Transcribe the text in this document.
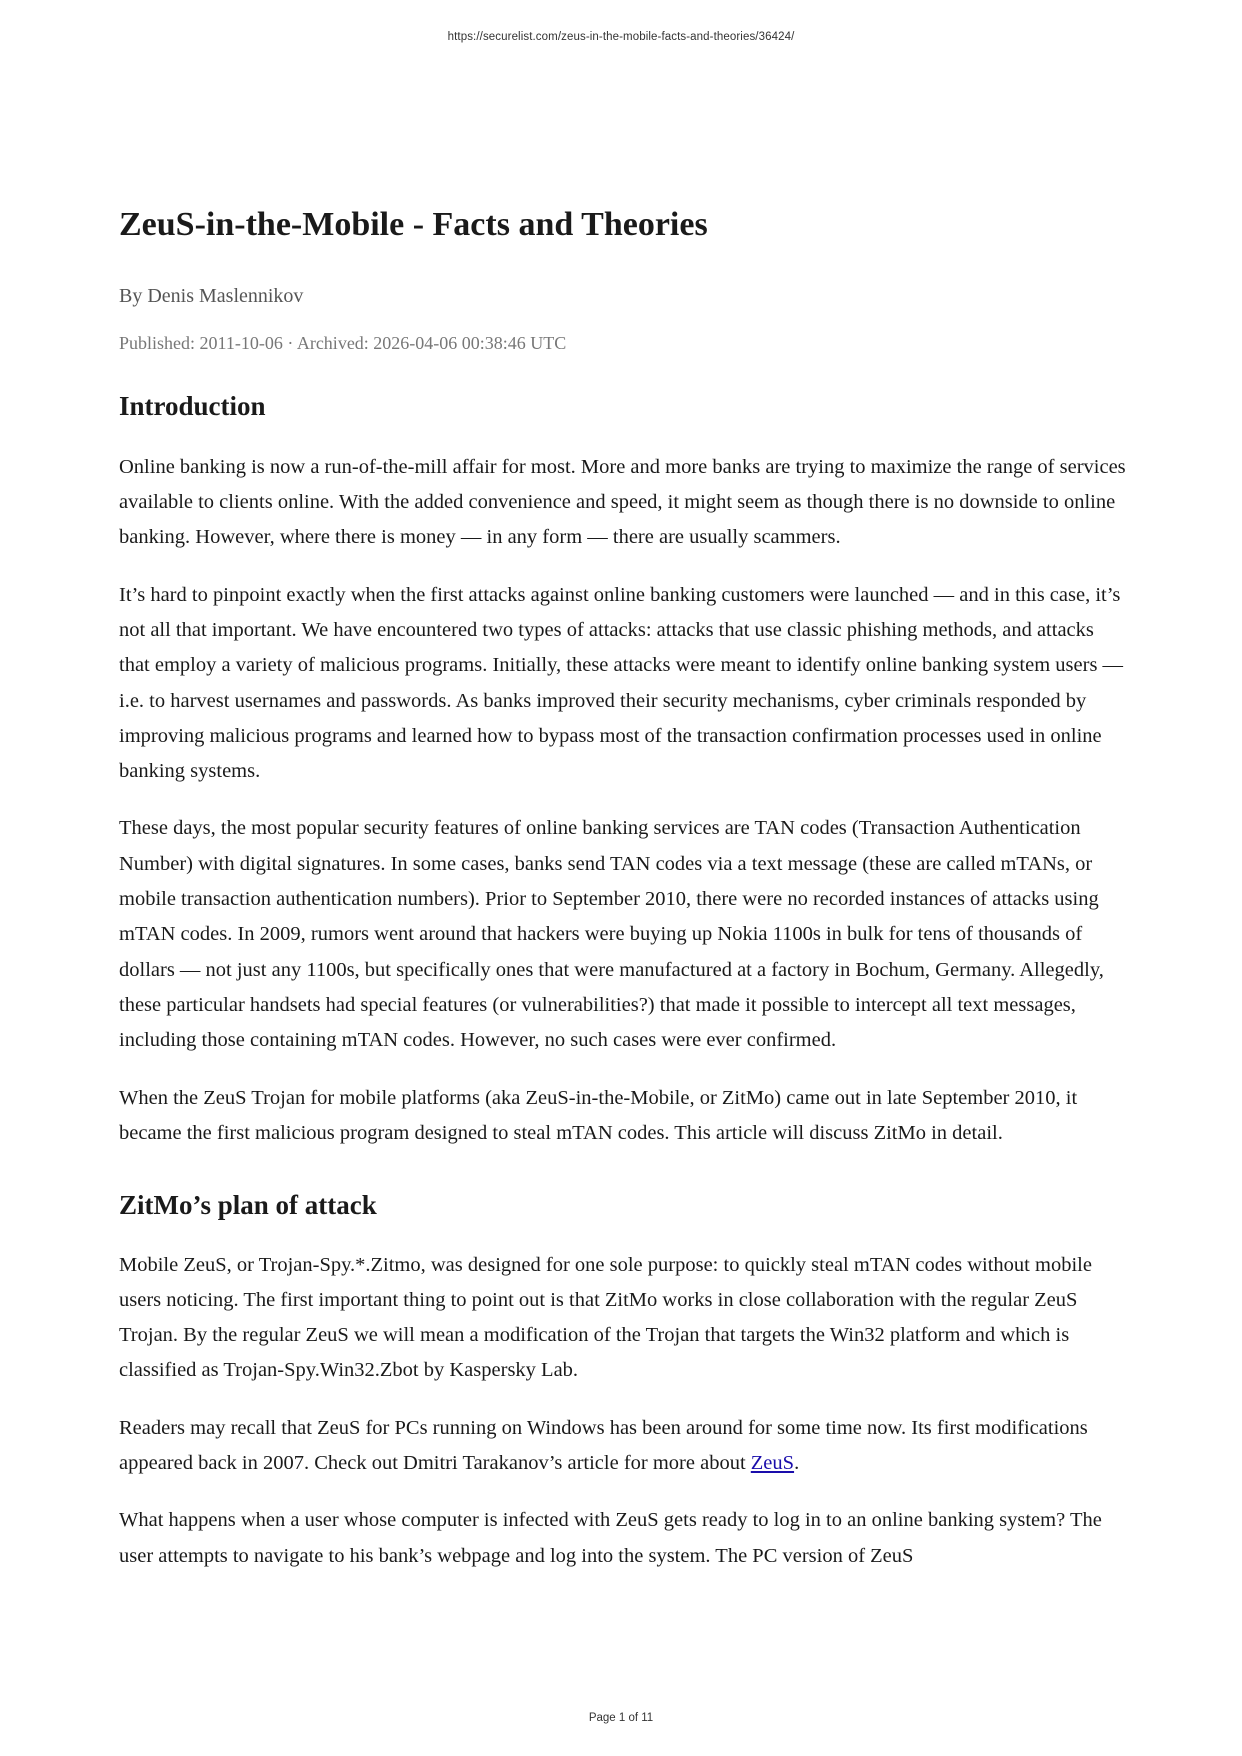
https://securelist.com/zeus-in-the-mobile-facts-and-theories/36424/
ZeuS-in-the-Mobile - Facts and Theories
By Denis Maslennikov
Published: 2011-10-06 · Archived: 2026-04-06 00:38:46 UTC
Introduction

Online banking is now a run-of-the-mill affair for most. More and more banks are trying to maximize the range of services available to clients online. With the added convenience and speed, it might seem as though there is no downside to online banking. However, where there is money — in any form — there are usually scammers.

It’s hard to pinpoint exactly when the first attacks against online banking customers were launched — and in this case, it’s not all that important. We have encountered two types of attacks: attacks that use classic phishing methods, and attacks that employ a variety of malicious programs. Initially, these attacks were meant to identify online banking system users — i.e. to harvest usernames and passwords. As banks improved their security mechanisms, cyber criminals responded by improving malicious programs and learned how to bypass most of the transaction confirmation processes used in online banking systems.

These days, the most popular security features of online banking services are TAN codes (Transaction Authentication Number) with digital signatures. In some cases, banks send TAN codes via a text message (these are called mTANs, or mobile transaction authentication numbers). Prior to September 2010, there were no recorded instances of attacks using mTAN codes. In 2009, rumors went around that hackers were buying up Nokia 1100s in bulk for tens of thousands of dollars — not just any 1100s, but specifically ones that were manufactured at a factory in Bochum, Germany. Allegedly, these particular handsets had special features (or vulnerabilities?) that made it possible to intercept all text messages, including those containing mTAN codes. However, no such cases were ever confirmed.

When the ZeuS Trojan for mobile platforms (aka ZeuS-in-the-Mobile, or ZitMo) came out in late September 2010, it became the first malicious program designed to steal mTAN codes. This article will discuss ZitMo in detail.

ZitMo’s plan of attack

Mobile ZeuS, or Trojan-Spy.*.Zitmo, was designed for one sole purpose: to quickly steal mTAN codes without mobile users noticing. The first important thing to point out is that ZitMo works in close collaboration with the regular ZeuS Trojan. By the regular ZeuS we will mean a modification of the Trojan that targets the Win32 platform and which is classified as Trojan-Spy.Win32.Zbot by Kaspersky Lab.

Readers may recall that ZeuS for PCs running on Windows has been around for some time now. Its first modifications appeared back in 2007. Check out Dmitri Tarakanov’s article for more about ZeuS.

What happens when a user whose computer is infected with ZeuS gets ready to log in to an online banking system? The user attempts to navigate to his bank’s webpage and log into the system. The PC version of ZeuS

Page 1 of 11
